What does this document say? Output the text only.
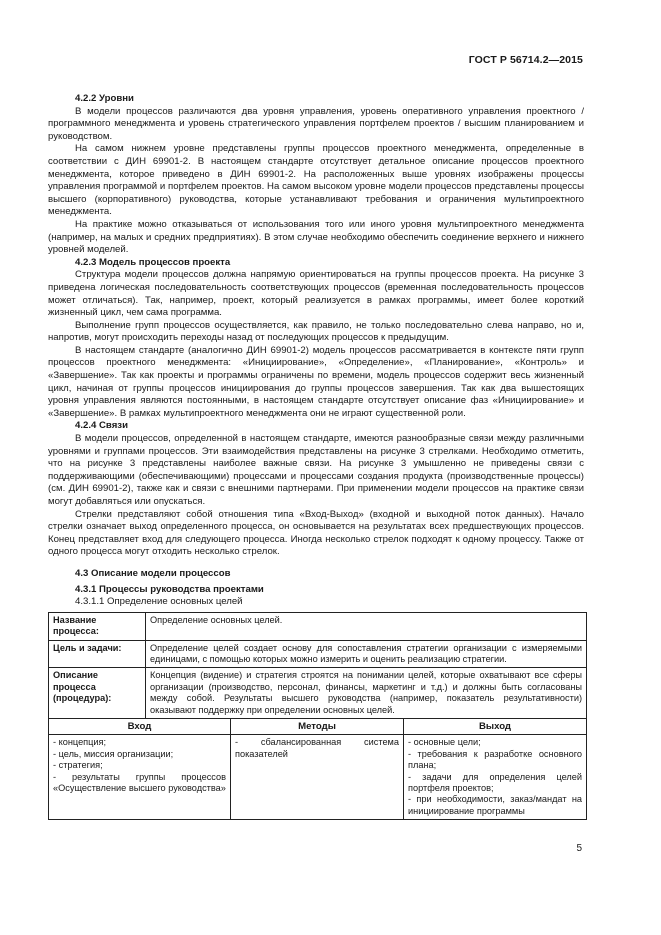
ГОСТ Р 56714.2—2015

4.2.2 Уровни

В модели процессов различаются два уровня управления, уровень оперативного управления проектного / программного менеджмента и уровень стратегического управления портфелем проектов / высшим планированием и руководством.

На самом нижнем уровне представлены группы процессов проектного менеджмента, определенные в соответствии с ДИН 69901-2. В настоящем стандарте отсутствует детальное описание процессов проектного менеджмента, которое приведено в ДИН 69901-2. На расположенных выше уровнях изображены процессы управления программой и портфелем проектов. На самом высоком уровне модели процессов представлены процессы высшего (корпоративного) руководства, которые устанавливают требования и ограничения мультипроектного менеджмента.

На практике можно отказываться от использования того или иного уровня мультипроектного менеджмента (например, на малых и средних предприятиях). В этом случае необходимо обеспечить соединение верхнего и нижнего уровней моделей.

4.2.3 Модель процессов проекта

Структура модели процессов должна напрямую ориентироваться на группы процессов проекта. На рисунке 3 приведена логическая последовательность соответствующих процессов (временная последовательность процессов может отличаться). Так, например, проект, который реализуется в рамках программы, имеет более короткий жизненный цикл, чем сама программа.

Выполнение групп процессов осуществляется, как правило, не только последовательно слева направо, но и, напротив, могут происходить переходы назад от последующих процессов к предыдущим.

В настоящем стандарте (аналогично ДИН 69901-2) модель процессов рассматривается в контексте пяти групп процессов проектного менеджмента: «Инициирование», «Определение», «Планирование», «Контроль» и «Завершение». Так как проекты и программы ограничены по времени, модель процессов содержит весь жизненный цикл, начиная от группы процессов инициирования до группы процессов завершения. Так как два вышестоящих уровня управления являются постоянными, в настоящем стандарте отсутствует описание фаз «Инициирование» и «Завершение». В рамках мультипроектного менеджмента они не играют существенной роли.

4.2.4 Связи

В модели процессов, определенной в настоящем стандарте, имеются разнообразные связи между различными уровнями и группами процессов. Эти взаимодействия представлены на рисунке 3 стрелками. Необходимо отметить, что на рисунке 3 представлены наиболее важные связи. На рисунке 3 умышленно не приведены связи с поддерживающими (обеспечивающими) процессами и процессами создания продукта (производственные процессы) (см. ДИН 69901-2), также как и связи с внешними партнерами. При применении модели процессов на практике связи могут добавляться или опускаться.

Стрелки представляют собой отношения типа «Вход-Выход» (входной и выходной поток данных). Начало стрелки означает выход определенного процесса, он основывается на результатах всех предшествующих процессов. Конец представляет вход для следующего процесса. Иногда несколько стрелок подходят к одному процессу. Также от одного процесса могут отходить несколько стрелок.

4.3 Описание модели процессов

4.3.1 Процессы руководства проектами

4.3.1.1 Определение основных целей

Название процесса:	Определение основных целей.		
Цель и задачи:	Определение целей создает основу для сопоставления стратегии организации с измеряемыми единицами, с помощью которых можно измерить и оценить реализацию стратегии.		
Описание процесса (процедура):	Концепция (видение) и стратегия строятся на понимании целей, которые охватывают все сферы организации (производство, персонал, финансы, маркетинг и т.д.) и должны быть согласованы между собой. Результаты высшего руководства (например, показатель результативности) оказывают поддержку при определении основных целей.		
Вход		Методы	Выход

- концепция;
- цель, миссия организации;
- стратегия;
- результаты группы процессов «Осуществление высшего руководства»		- сбалансированная система показателей	- основные цели;
- требования к разработке основного плана;
- задачи для определения целей портфеля проектов;
- при необходимости, заказ/мандат на инициирование программы
5
